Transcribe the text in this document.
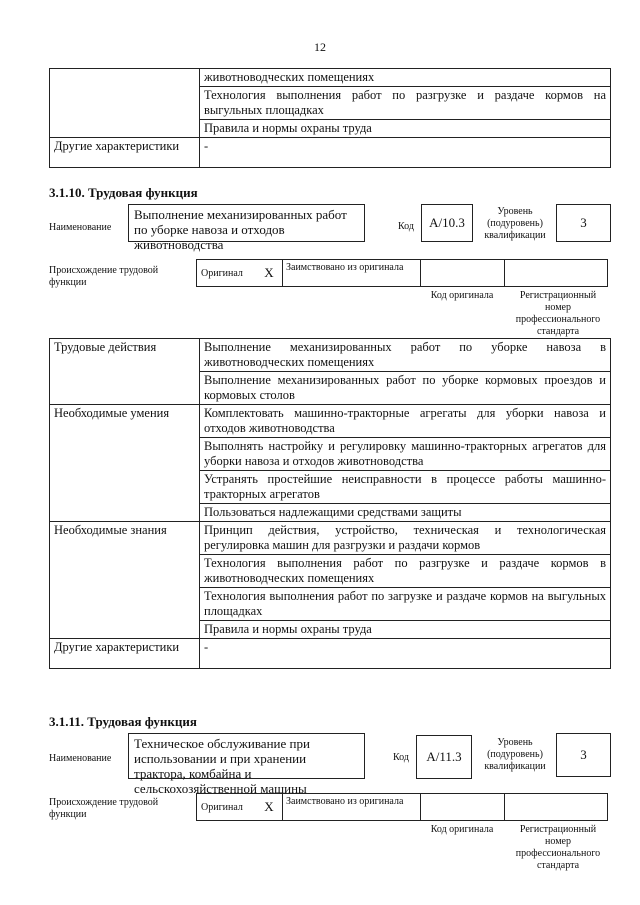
12
	животноводческих помещениях
	Технология выполнения работ по разгрузке и раздаче кормов на выгульных площадках
	Правила и нормы охраны труда
Другие характеристики	-
3.1.10. Трудовая функция
Наименование
Выполнение механизированных работ по уборке навоза и отходов животноводства
Код	А/10.3
Уровень (подуровень) квалификации
3
Происхождение трудовой функции
Оригинал	X	Заимствовано из оригинала
Код оригинала	Регистрационный номер профессионального стандарта
Трудовые действия	Выполнение механизированных работ по уборке навоза в животноводческих помещениях
	Выполнение механизированных работ по уборке кормовых проездов и кормовых столов
Необходимые умения	Комплектовать машинно-тракторные агрегаты для уборки навоза и отходов животноводства
	Выполнять настройку и регулировку машинно-тракторных агрегатов для уборки навоза и отходов животноводства
	Устранять простейшие неисправности в процессе работы машинно-тракторных агрегатов
	Пользоваться надлежащими средствами защиты
Необходимые знания	Принцип действия, устройство, техническая и технологическая регулировка машин для разгрузки и раздачи кормов
	Технология выполнения работ по разгрузке и раздаче кормов в животноводческих помещениях
	Технология выполнения работ по загрузке и раздаче кормов на выгульных площадках
	Правила и нормы охраны труда
Другие характеристики	-
3.1.11. Трудовая функция
Наименование
Техническое обслуживание при использовании и при хранении трактора, комбайна и сельскохозяйственной машины
Код	А/11.3
Уровень (подуровень) квалификации
3
Происхождение трудовой функции
Оригинал	X	Заимствовано из оригинала
Код оригинала	Регистрационный номер профессионального стандарта
